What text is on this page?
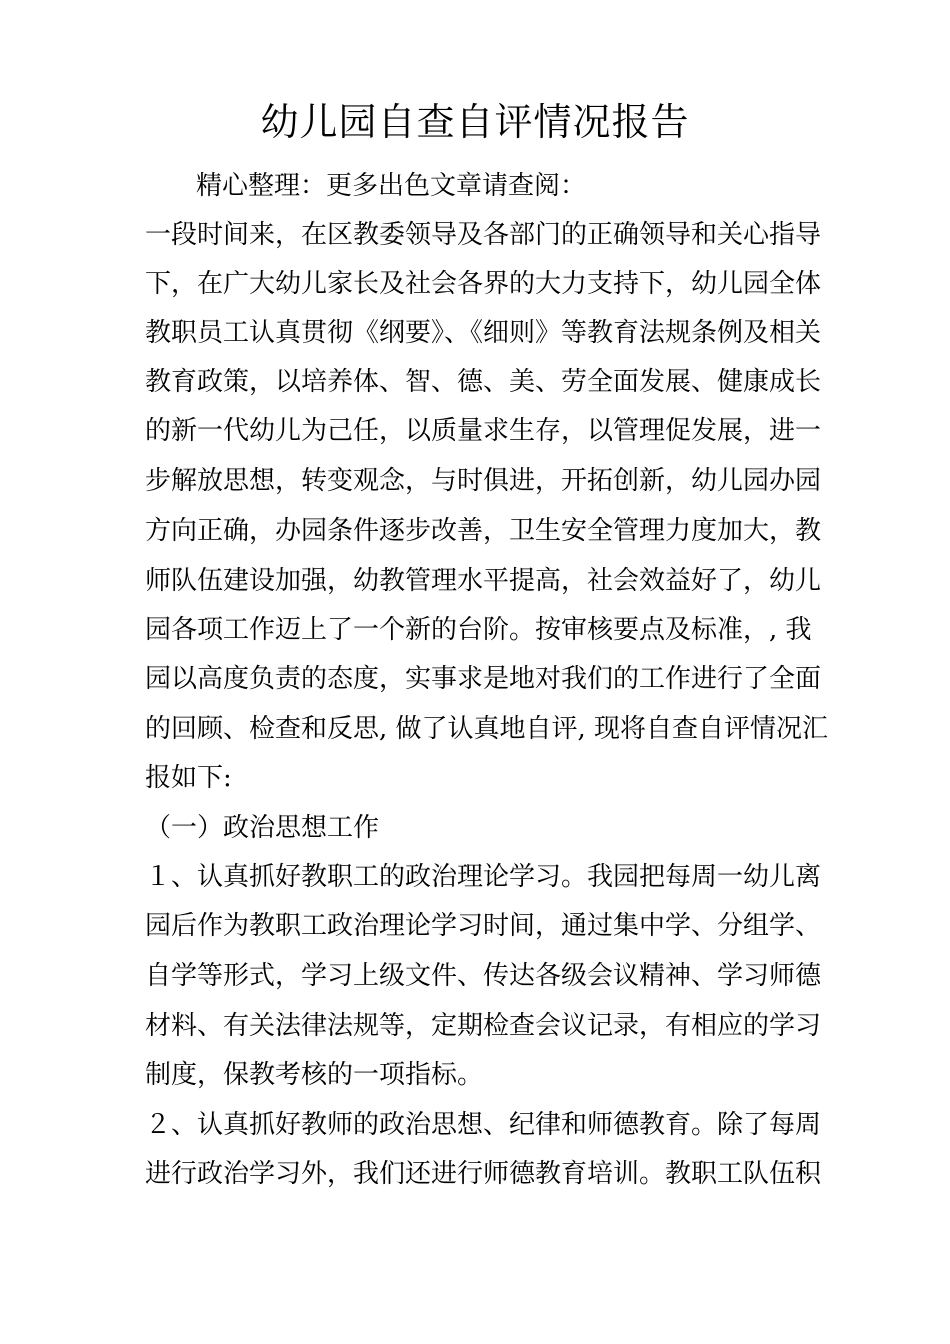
幼儿园自查自评情况报告
精心整理：更多出色文章请查阅：
一段时间来，在区教委领导及各部门的正确领导和关心指导
下，在广大幼儿家长及社会各界的大力支持下，幼儿园全体
教职员工认真贯彻《纲要》、《细则》等教育法规条例及相关
教育政策，以培养体、智、德、美、劳全面发展、健康成长
的新一代幼儿为己任，以质量求生存，以管理促发展，进一
步解放思想，转变观念，与时俱进，开拓创新，幼儿园办园
方向正确，办园条件逐步改善，卫生安全管理力度加大，教
师队伍建设加强，幼教管理水平提高，社会效益好了，幼儿
园各项工作迈上了一个新的台阶。按审核要点及标准，, 我
园以高度负责的态度，实事求是地对我们的工作进行了全面
的回顾、检查和反思, 做了认真地自评, 现将自查自评情况汇
报如下:
（一）政治思想工作
１、认真抓好教职工的政治理论学习。我园把每周一幼儿离
园后作为教职工政治理论学习时间，通过集中学、分组学、
自学等形式，学习上级文件、传达各级会议精神、学习师德
材料、有关法律法规等，定期检查会议记录，有相应的学习
制度，保教考核的一项指标。
２、认真抓好教师的政治思想、纪律和师德教育。除了每周
进行政治学习外，我们还进行师德教育培训。教职工队伍积
